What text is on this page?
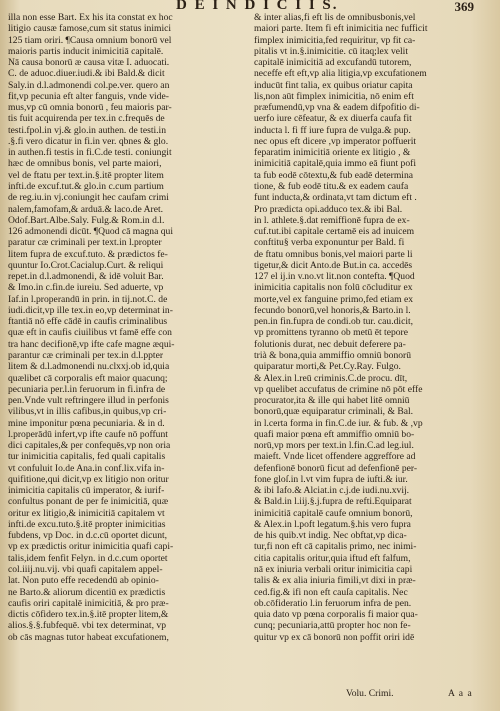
D E I N D I C I I S.	369
illa non esse Bart. Ex his ita constat ex hoc
litigio causæ famose,cum sit status inimici
125 tiam oriri. ¶Causa omnium bonorū vel
maioris partis inducit inimicitiā capitalē.
Nā causa bonorū æ causa vitæ I. aduocati.
C. de aduoc.diuer.iudi.& ibi Bald.& dicit
Saly.in d.l.admonendi col.pe.ver. quero an
fit,vp pecunia eft alter fanguis, vnde vide-
mus,vp cū omnia bonorū , feu maioris par-
tis fuit acquirenda per tex.in c.frequēs de
testi.fpol.in vj.& glo.in authen. de testi.in
.§.fi vero dicatur in fi.in ver. qbnes & glo.
in authen.fi testis in fi.C.de testi. coniungit
hæc de omnibus bonis, vel parte maiori,
vel de ftatu per text.in.§.itē propter litem
infti.de excuf.tut.& glo.in c.cum partium
de reg.iu.in vj.coniungit hec caufam crimi
nalem,famofam,& arduā.& laco.de Aret.
Odof.Bart.Albe.Saly. Fulg.& Rom.in d.l.
126 admonendi dicūt. ¶Quod cā magna qui
paratur cæ criminali per text.in l.propter
litem fupra de excuf.tuto. & prædictos fe-
quuntur Io.Crot.Cacialup.Curt. & reliqui
repet.in d.l.admonendi, & idē voluit Bar.
& Imo.in c.fin.de iureiu. Sed aduerte, vp
Iaf.in l.properandū in prin. in tij.not.C. de
iudi.dicit,vp ille tex.in eo,vp determinat in-
ftantiā nō effe cādē in caufis criminalibus
quæ eft in caufis ciuilibus vt famē effe con
tra hanc decifionē,vp ifte cafe magne æqui-
parantur cæ criminali per tex.in d.l.ppter
litem & d.l.admonendi nu.clxxj.ob id,quia
quælibet cā corporalis eft maior quacunq;
pecuniaria per.l.in feruorum in fi.infra de
pen.Vnde vult reftringere illud in perfonis
vilibus,vt in illis cafibus,in quibus,vp cri-
mine imponitur pœna pecuniaria. & in d.
l.properādū infert,vp ifte caufe nō poffunt
dici capitales,& per confequēs,vp non oria
tur inimicitia capitalis, fed quali capitalis
vt confuluit Io.de Ana.in conf.lix.vifa in-
quifitione,qui dicit,vp ex litigio non oritur
inimicitia capitalis cū imperator, & iurif-
confultus ponant de per fe inimicitiā, quæ
oritur ex litigio,& inimicitiā capitalem vt
infti.de excu.tuto.§.itē propter inimicitias
fubdens, vp Doc. in d.c.cū oportet dicunt,
vp ex prædictis oritur inimicitia quafi capi-
talis,idem fenfit Felyn. in d.c.cum oportet
col.iiij.nu.vij. vbi quafi capitalem appel-
lat. Non puto effe recedendū ab opinio-
ne Barto.& aliorum dicentiū ex prædictis
caufis oriri capitalē inimicitiā, & pro præ-
dictis cōfidero tex.in.§.itē propter litem,&
alios.§.§.fubfequē. vbi tex determinat, vp
ob cās magnas tutor habeat excufationem,
& inter alias,fi eft lis de omnibusbonis,vel
maiori parte. Item fi eft inimicitia nec fufficit
fimplex inimicitia,fed requiritur, vp fit ca-
pitalis vt in.§.inimicitie. cū itaq;lex velit
capitalē inimicitiā ad excufandū tutorem,
neceffe eft eft,vp alia litigia,vp excufationem
inducūt fint talia, ex quibus oriatur capita
lis,non aūt fimplex inimicitia, nō enim eft
præfumendū,vp vna & eadem difpofitio di-
uerfo iure cēfeatur, & ex diuerfa caufa fit
inducta l. fi ff iure fupra de vulga.& pup.
nec opus eft dicere ,vp imperator poffuerit
feparatim inimicitiā oriente ex litigio , &
inimicitiā capitalē,quia immo eā fiunt pofi
ta fub eodē cōtextu,& fub eadē determina
tione, & fub eodē titu.& ex eadem caufa
funt inducta,& ordinata,vt tam dictum eft .
Pro prædicta opi.adduco tex.& ibi Bal.
in l. athlete.§.dat remiffionē fupra de ex-
cuf.tut.ibi capitale certamē eis ad inuicem
conftitu§ verba exponuntur per Bald. fi
de ftatu omnibus bonis,vel maiori parte li
tigetur,& dicit Anto.de But.in ca. accedēs
127 el ij.in v.no.vt lit.non contefta. ¶Quod
inimicitia capitalis non folū cōcluditur ex
morte,vel ex fanguine primo,fed etiam ex
fecundo bonorū,vel honoris,& Barto.in l.
pen.in fin.fupra de condi.ob tur. cau.dicit,
vp promittens tyranno ob metū ēt tepore
folutionis durat, nec debuit deferere pa-
trià & bona,quia ammiffio omniū bonorū
quiparatur morti,& Pet.Cy.Ray. Fulgo.
& Alex.in l.reū criminis.C.de procu. dīt,
vp quelibet accufatus de crimine nō pōt effe
procurator,ita & ille qui habet litē omniū
bonorū,quæ equiparatur criminali, & Bal.
in l.certa forma in fin.C.de iur. & fub. & ,vp
quafi maior pœna eft ammiffio omniū bo-
norū,vp mors per text.in l.fin.C.ad leg.iul.
maieft. Vnde licet offendere aggreffore ad
defenfionē bonorū ficut ad defenfionē per-
fone gloſ.in l.vt vim fupra de iufti.& iur.
& ibi Iafo.& Alciat.in c.j.de iudi.nu.xvij.
& Bald.in l.iij.§.j.fupra de refti.Equiparat
inimicitiā capitalē caufe omnium bonorū,
& Alex.in l.poft legatum.§.his vero fupra
de his quib.vt indig. Nec obftat,vp dica-
tur,fi non eft cā capitalis primo, nec inimi-
citia capitalis oritur,quia iftud eft falfum,
nā ex iniuria verbali oritur inimicitia capi
talis & ex alia iniuria fimili,vt dixi in præ-
ced.fig.& ifi non eft cauſa capitalis. Nec
ob.cōfideratio l.in feruorum infra de pen.
quia dato vp pœna corporalis fi maior qua-
cunq; pecuniaria,attū propter hoc non fe-
quitur vp ex cā bonorū non poffit oriri idē
Volu. Crimi.	A a a
